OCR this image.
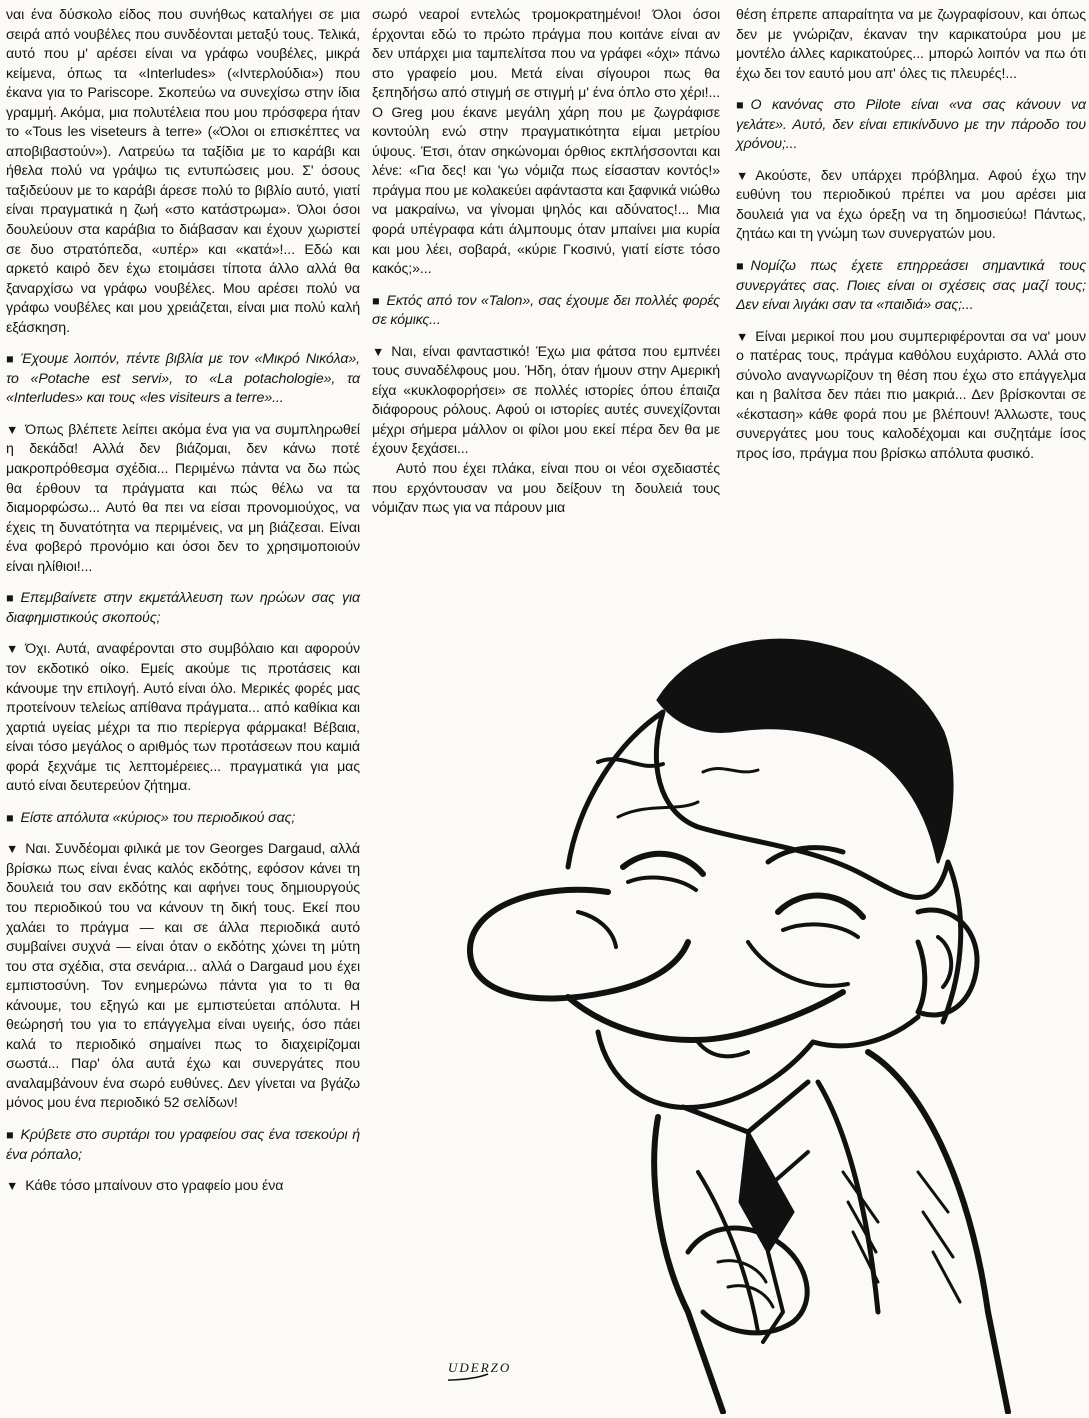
ναι ένα δύσκολο είδος που συνήθως καταλήγει σε μια σειρά από νουβέλες που συνδέονται μεταξύ τους. Τελικά, αυτό που μ' αρέσει είναι να γράφω νουβέλες, μικρά κείμενα, όπως τα «Interludes» («Ιντερλούδια») που έκανα για το Pariscope. Σκοπεύω να συνεχίσω στην ίδια γραμμή. Ακόμα, μια πολυτέλεια που μου πρόσφερα ήταν το «Tous les viseteurs à terre» («Όλοι οι επισκέπτες να αποβιβαστούν»). Λατρεύω τα ταξίδια με το καράβι και ήθελα πολύ να γράψω τις εντυπώσεις μου. Σ' όσους ταξιδεύουν με το καράβι άρεσε πολύ το βιβλίο αυτό, γιατί είναι πραγματικά η ζωή «στο κατάστρωμα». Όλοι όσοι δουλεύουν στα καράβια το διάβασαν και έχουν χωριστεί σε δυο στρατόπεδα, «υπέρ» και «κατά»!... Εδώ και αρκετό καιρό δεν έχω ετοιμάσει τίποτα άλλο αλλά θα ξαναρχίσω να γράφω νουβέλες. Μου αρέσει πολύ να γράφω νουβέλες και μου χρειάζεται, είναι μια πολύ καλή εξάσκηση.

■ Έχουμε λοιπόν, πέντε βιβλία με τον «Μικρό Νικόλα», το «Potache est servi», το «La potachologie», τα «Interludes» και τους «les visiteurs a terre»...

▼ Όπως βλέπετε λείπει ακόμα ένα για να συμπληρωθεί η δεκάδα! Αλλά δεν βιάζομαι, δεν κάνω ποτέ μακροπρόθεσμα σχέδια... Περιμένω πάντα να δω πώς θα έρθουν τα πράγματα και πώς θέλω να τα διαμορφώσω... Αυτό θα πει να είσαι προνομιούχος, να έχεις τη δυνατότητα να περιμένεις, να μη βιάζεσαι. Είναι ένα φοβερό προνόμιο και όσοι δεν το χρησιμοποιούν είναι ηλίθιοι!...

■ Επεμβαίνετε στην εκμετάλλευση των ηρώων σας για διαφημιστικούς σκοπούς;

▼ Όχι. Αυτά, αναφέρονται στο συμβόλαιο και αφορούν τον εκδοτικό οίκο. Εμείς ακούμε τις προτάσεις και κάνουμε την επιλογή. Αυτό είναι όλο. Μερικές φορές μας προτείνουν τελείως απίθανα πράγματα... από καθίκια και χαρτιά υγείας μέχρι τα πιο περίεργα φάρμακα! Βέβαια, είναι τόσο μεγάλος ο αριθμός των προτάσεων που καμιά φορά ξεχνάμε τις λεπτομέρειες... πραγματικά για μας αυτό είναι δευτερεύον ζήτημα.

■ Είστε απόλυτα «κύριος» του περιοδικού σας;

▼ Ναι. Συνδέομαι φιλικά με τον Georges Dargaud, αλλά βρίσκω πως είναι ένας καλός εκδότης, εφόσον κάνει τη δουλειά του σαν εκδότης και αφήνει τους δημιουργούς του περιοδικού του να κάνουν τη δική τους. Εκεί που χαλάει το πράγμα — και σε άλλα περιοδικά αυτό συμβαίνει συχνά — είναι όταν ο εκδότης χώνει τη μύτη του στα σχέδια, στα σενάρια... αλλά ο Dargaud μου έχει εμπιστοσύνη. Τον ενημερώνω πάντα για το τι θα κάνουμε, του εξηγώ και με εμπιστεύεται απόλυτα. Η θεώρησή του για το επάγγελμα είναι υγειής, όσο πάει καλά το περιοδικό σημαίνει πως το διαχειρίζομαι σωστά... Παρ' όλα αυτά έχω και συνεργάτες που αναλαμβάνουν ένα σωρό ευθύνες. Δεν γίνεται να βγάζω μόνος μου ένα περιοδικό 52 σελίδων!

■ Κρύβετε στο συρτάρι του γραφείου σας ένα τσεκούρι ή ένα ρόπαλο;

▼ Κάθε τόσο μπαίνουν στο γραφείο μου ένα

σωρό νεαροί εντελώς τρομοκρατημένοι! Όλοι όσοι έρχονται εδώ το πρώτο πράγμα που κοιτάνε είναι αν δεν υπάρχει μια ταμπελίτσα που να γράφει «όχι» πάνω στο γραφείο μου. Μετά είναι σίγουροι πως θα ξεπηδήσω από στιγμή σε στιγμή μ' ένα όπλο στο χέρι!... Ο Greg μου έκανε μεγάλη χάρη που με ζωγράφισε κοντούλη ενώ στην πραγματικότητα είμαι μετρίου ύψους. Έτσι, όταν σηκώνομαι όρθιος εκπλήσσονται και λένε: «Για δες! και 'γω νόμιζα πως είσασταν κοντός!» πράγμα που με κολακεύει αφάνταστα και ξαφνικά νιώθω να μακραίνω, να γίνομαι ψηλός και αδύνατος!... Μια φορά υπέγραφα κάτι άλμπουμς όταν μπαίνει μια κυρία και μου λέει, σοβαρά, «κύριε Γκοσινύ, γιατί είστε τόσο κακός;»...

■ Εκτός από τον «Talon», σας έχουμε δει πολλές φορές σε κόμικς...

▼ Ναι, είναι φανταστικό! Έχω μια φάτσα που εμπνέει τους συναδέλφους μου. Ήδη, όταν ήμουν στην Αμερική είχα «κυκλοφορήσει» σε πολλές ιστορίες όπου έπαιζα διάφορους ρόλους. Αφού οι ιστορίες αυτές συνεχίζονται μέχρι σήμερα μάλλον οι φίλοι μου εκεί πέρα δεν θα με έχουν ξεχάσει...

Αυτό που έχει πλάκα, είναι που οι νέοι σχεδιαστές που ερχόντουσαν να μου δείξουν τη δουλειά τους νόμιζαν πως για να πάρουν μια

θέση έπρεπε απαραίτητα να με ζωγραφίσουν, και όπως δεν με γνώριζαν, έκαναν την καρικατούρα μου με μοντέλο άλλες καρικατούρες... μπορώ λοιπόν να πω ότι έχω δει τον εαυτό μου απ' όλες τις πλευρές!...

■ Ο κανόνας στο Pilote είναι «να σας κάνουν να γελάτε». Αυτό, δεν είναι επικίνδυνο με την πάροδο του χρόνου;...

▼ Ακούστε, δεν υπάρχει πρόβλημα. Αφού έχω την ευθύνη του περιοδικού πρέπει να μου αρέσει μια δουλειά για να έχω όρεξη να τη δημοσιεύω! Πάντως, ζητάω και τη γνώμη των συνεργατών μου.

■ Νομίζω πως έχετε επηρρεάσει σημαντικά τους συνεργάτες σας. Ποιες είναι οι σχέσεις σας μαζί τους; Δεν είναι λιγάκι σαν τα «παιδιά» σας;...

▼ Είναι μερικοί που μου συμπεριφέρονται σα να' μουν ο πατέρας τους, πράγμα καθόλου ευχάριστο. Αλλά στο σύνολο αναγνωρίζουν τη θέση που έχω στο επάγγελμα και η βαλίτσα δεν πάει πιο μακριά... Δεν βρίσκονται σε «έκσταση» κάθε φορά που με βλέπουν! Άλλωστε, τους συνεργάτες μου τους καλοδέχομαι και συζητάμε ίσος προς ίσο, πράγμα που βρίσκω απόλυτα φυσικό.

UDERZO
